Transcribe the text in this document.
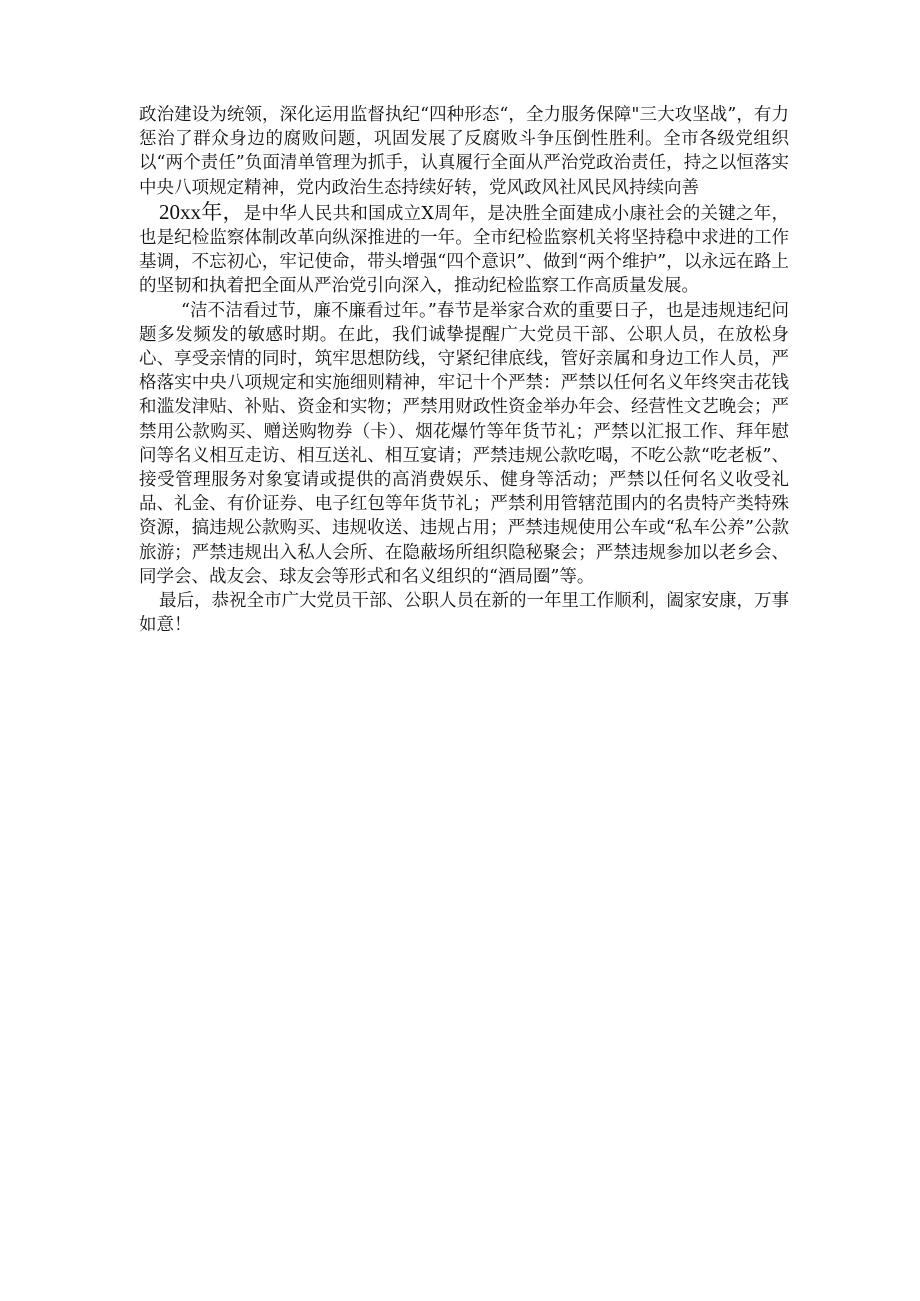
政治建设为统领，深化运用监督执纪“四种形态“，全力服务保障"三大攻坚战”，有力惩治了群众身边的腐败问题，巩固发展了反腐败斗争压倒性胜利。全市各级党组织以“两个责任”负面清单管理为抓手，认真履行全面从严治党政治责任，持之以恒落实中央八项规定精神，党内政治生态持续好转，党风政风社风民风持续向善

20xx年，是中华人民共和国成立X周年，是决胜全面建成小康社会的关键之年，也是纪检监察体制改革向纵深推进的一年。全市纪检监察机关将坚持稳中求进的工作基调，不忘初心，牢记使命，带头增强“四个意识”、做到“两个维护”，以永远在路上的坚韧和执着把全面从严治党引向深入，推动纪检监察工作高质量发展。

“洁不洁看过节，廉不廉看过年。”春节是举家合欢的重要日子，也是违规违纪问题多发频发的敏感时期。在此，我们诚挚提醒广大党员干部、公职人员，在放松身心、享受亲情的同时，筑牢思想防线，守紧纪律底线，管好亲属和身边工作人员，严格落实中央八项规定和实施细则精神，牢记十个严禁：严禁以任何名义年终突击花钱和滥发津贴、补贴、资金和实物；严禁用财政性资金举办年会、经营性文艺晚会；严禁用公款购买、赠送购物券（卡）、烟花爆竹等年货节礼；严禁以汇报工作、拜年慰问等名义相互走访、相互送礼、相互宴请；严禁违规公款吃喝，不吃公款“吃老板”、接受管理服务对象宴请或提供的高消费娱乐、健身等活动；严禁以任何名义收受礼品、礼金、有价证券、电子红包等年货节礼；严禁利用管辖范围内的名贵特产类特殊资源，搞违规公款购买、违规收送、违规占用；严禁违规使用公车或“私车公养”公款旅游；严禁违规出入私人会所、在隐蔽场所组织隐秘聚会；严禁违规参加以老乡会、同学会、战友会、球友会等形式和名义组织的“酒局圈”等。

最后，恭祝全市广大党员干部、公职人员在新的一年里工作顺利，阖家安康，万事如意！
